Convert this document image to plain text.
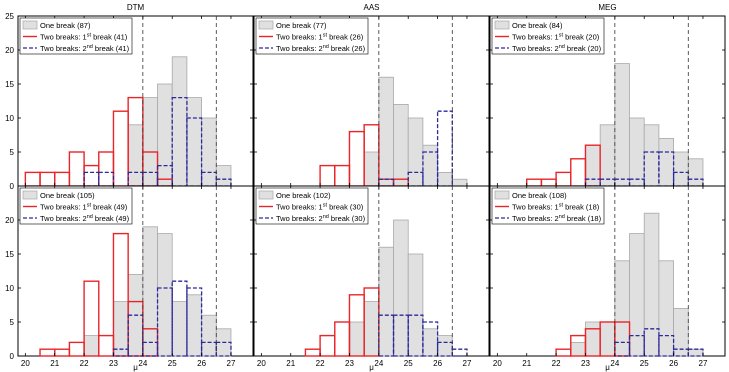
DTM	AAS	MEG
0
5
10
15
20
25
One break (87)
Two breaks: 1st break (41)
Two breaks: 2nd break (41)
One break (77)
Two breaks: 1st break (26)
Two breaks: 2nd break (26)
One break (84)
Two breaks: 1st break (20)
Two breaks: 2nd break (20)
20	21	22	23	24	25	26	27
0
5
10
15
20
One break (105)
Two breaks: 1st break (49)
Two breaks: 2nd break (49)
20	21	22	23	24	25	26	27
One break (102)
Two breaks: 1st break (30)
Two breaks: 2nd break (30)
20	21	22	23	24	25	26	27
One break (108)
Two breaks: 1st break (18)
Two breaks: 2nd break (18)
μ	μ	μ
